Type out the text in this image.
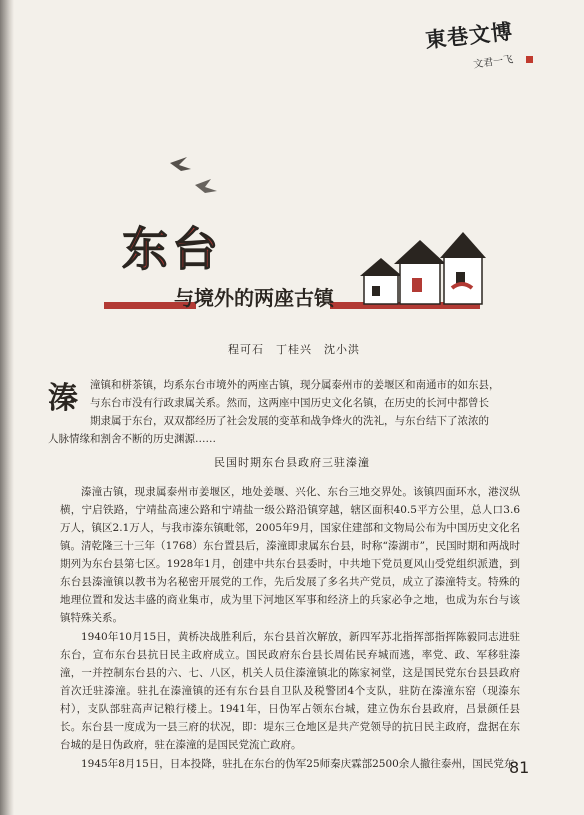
東巷文博
文君一飞
东台
与境外的两座古镇
程可石　丁桂兴　沈小洪
溱	潼镇和栟茶镇，均系东台市境外的两座古镇，现分属泰州市的姜堰区和南通市的如东县，

与东台市没有行政隶属关系。然而，这两座中国历史文化名镇，在历史的长河中都曾长

期隶属于东台，双双都经历了社会发展的变革和战争烽火的洗礼，与东台结下了浓浓的

人脉情缘和割舍不断的历史渊源……

民国时期东台县政府三驻溱潼

溱潼古镇，现隶属泰州市姜堰区，地处姜堰、兴化、东台三地交界处。该镇四面环水，港汊纵横，宁启铁路，宁靖盐高速公路和宁靖盐一级公路沿镇穿越，辖区面积40.5平方公里，总人口3.6万人，镇区2.1万人，与我市溱东镇毗邻，2005年9月，国家住建部和文物局公布为中国历史文化名镇。清乾隆三十三年（1768）东台置县后，溱潼即隶属东台县，时称“溱湖市”，民国时期和两战时期列为东台县第七区。1928年1月，创建中共东台县委时，中共地下党员夏风山受党组织派遣，到东台县溱潼镇以教书为名秘密开展党的工作，先后发展了多名共产党员，成立了溱潼特支。特殊的地理位置和发达丰盛的商业集市，成为里下河地区军事和经济上的兵家必争之地，也成为东台与该镇特殊关系。

1940年10月15日，黄桥决战胜利后，东台县首次解放，新四军苏北指挥部指挥陈毅同志进驻东台，宣布东台县抗日民主政府成立。国民政府东台县长周佑民弃城而逃，率党、政、军移驻溱潼，一并控制东台县的六、七、八区，机关人员住溱潼镇北的陈家祠堂，这是国民党东台县县政府首次迁驻溱潼。驻扎在溱潼镇的还有东台县自卫队及税警团4个支队，驻防在溱潼东窑（现溱东村），支队部驻高声记粮行楼上。1941年，日伪军占领东台城，建立伪东台县政府，吕景颜任县长。东台县一度成为一县三府的状况，即：堤东三仓地区是共产党领导的抗日民主政府，盘据在东台城的是日伪政府，驻在溱潼的是国民党流亡政府。

1945年8月15日，日本投降，驻扎在东台的伪军25师秦庆霖部2500余人撤往泰州，国民党东

81
